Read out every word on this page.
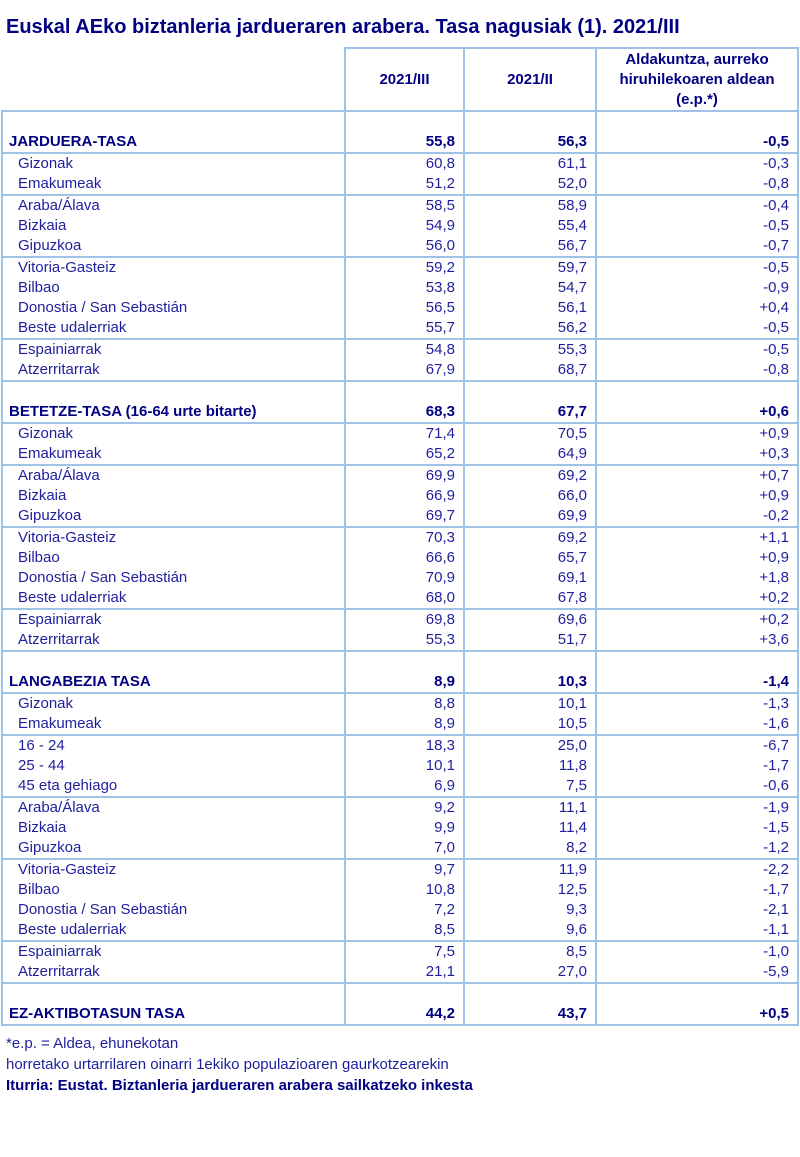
Euskal AEko biztanleria jardueraren arabera. Tasa nagusiak (1). 2021/III
	2021/III	2021/II	Aldakuntza, aurreko hiruhilekoaren aldean (e.p.*)

JARDUERA-TASA	55,8	56,3	-0,5
Gizonak	60,8	61,1	-0,3
Emakumeak	51,2	52,0	-0,8
Araba/Álava	58,5	58,9	-0,4
Bizkaia	54,9	55,4	-0,5
Gipuzkoa	56,0	56,7	-0,7
Vitoria-Gasteiz	59,2	59,7	-0,5
Bilbao	53,8	54,7	-0,9
Donostia / San Sebastián	56,5	56,1	+0,4
Beste udalerriak	55,7	56,2	-0,5
Espainiarrak	54,8	55,3	-0,5
Atzerritarrak	67,9	68,7	-0,8

BETETZE-TASA (16-64 urte bitarte)	68,3	67,7	+0,6
Gizonak	71,4	70,5	+0,9
Emakumeak	65,2	64,9	+0,3
Araba/Álava	69,9	69,2	+0,7
Bizkaia	66,9	66,0	+0,9
Gipuzkoa	69,7	69,9	-0,2
Vitoria-Gasteiz	70,3	69,2	+1,1
Bilbao	66,6	65,7	+0,9
Donostia / San Sebastián	70,9	69,1	+1,8
Beste udalerriak	68,0	67,8	+0,2
Espainiarrak	69,8	69,6	+0,2
Atzerritarrak	55,3	51,7	+3,6

LANGABEZIA TASA	8,9	10,3	-1,4
Gizonak	8,8	10,1	-1,3
Emakumeak	8,9	10,5	-1,6
16 - 24	18,3	25,0	-6,7
25 - 44	10,1	11,8	-1,7
45 eta gehiago	6,9	7,5	-0,6
Araba/Álava	9,2	11,1	-1,9
Bizkaia	9,9	11,4	-1,5
Gipuzkoa	7,0	8,2	-1,2
Vitoria-Gasteiz	9,7	11,9	-2,2
Bilbao	10,8	12,5	-1,7
Donostia / San Sebastián	7,2	9,3	-2,1
Beste udalerriak	8,5	9,6	-1,1
Espainiarrak	7,5	8,5	-1,0
Atzerritarrak	21,1	27,0	-5,9

EZ-AKTIBOTASUN TASA	44,2	43,7	+0,5
*e.p. = Aldea, ehunekotan
horretako urtarrilaren oinarri 1ekiko populazioaren gaurkotzearekin
Iturria: Eustat. Biztanleria jardueraren arabera sailkatzeko inkesta
